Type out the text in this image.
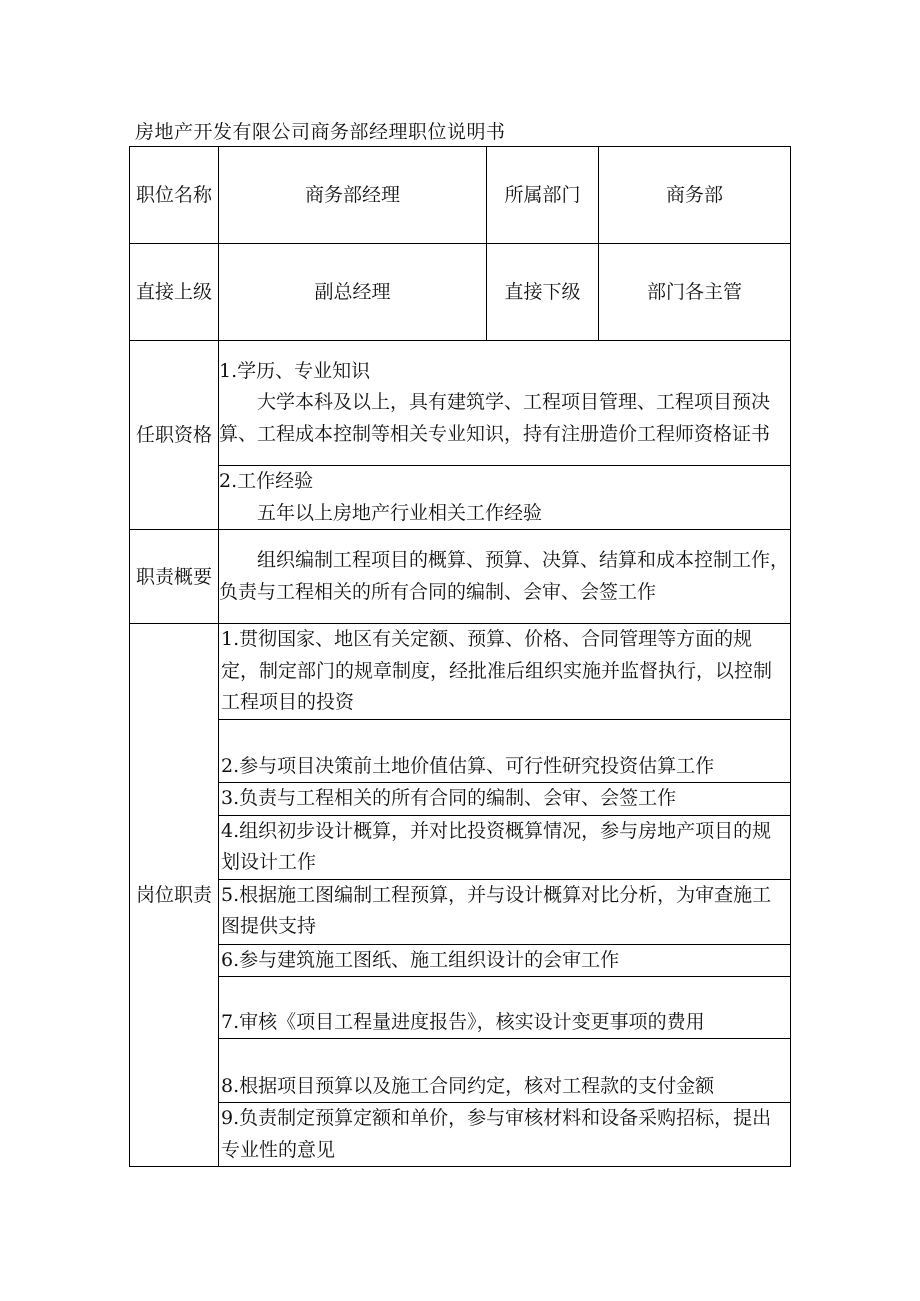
房地产开发有限公司商务部经理职位说明书
职位名称	商务部经理	所属部门	商务部
直接上级	副总经理	直接下级	部门各主管
任职资格	1.学历、专业知识
大学本科及以上，具有建筑学、工程项目管理、工程项目预决算、工程成本控制等相关专业知识，持有注册造价工程师资格证书		

	2.工作经验
五年以上房地产行业相关工作经验		

职责概要	组织编制工程项目的概算、预算、决算、结算和成本控制工作，负责与工程相关的所有合同的编制、会审、会签工作		

岗位职责	1.贯彻国家、地区有关定额、预算、价格、合同管理等方面的规定，制定部门的规章制度，经批准后组织实施并监督执行，以控制工程项目的投资		
	2.参与项目决策前土地价值估算、可行性研究投资估算工作		
	3.负责与工程相关的所有合同的编制、会审、会签工作		
	4.组织初步设计概算，并对比投资概算情况，参与房地产项目的规划设计工作		
	5.根据施工图编制工程预算，并与设计概算对比分析，为审查施工图提供支持		
	6.参与建筑施工图纸、施工组织设计的会审工作		
	7.审核《项目工程量进度报告》，核实设计变更事项的费用		
	8.根据项目预算以及施工合同约定，核对工程款的支付金额		
	9.负责制定预算定额和单价，参与审核材料和设备采购招标，提出专业性的意见		
